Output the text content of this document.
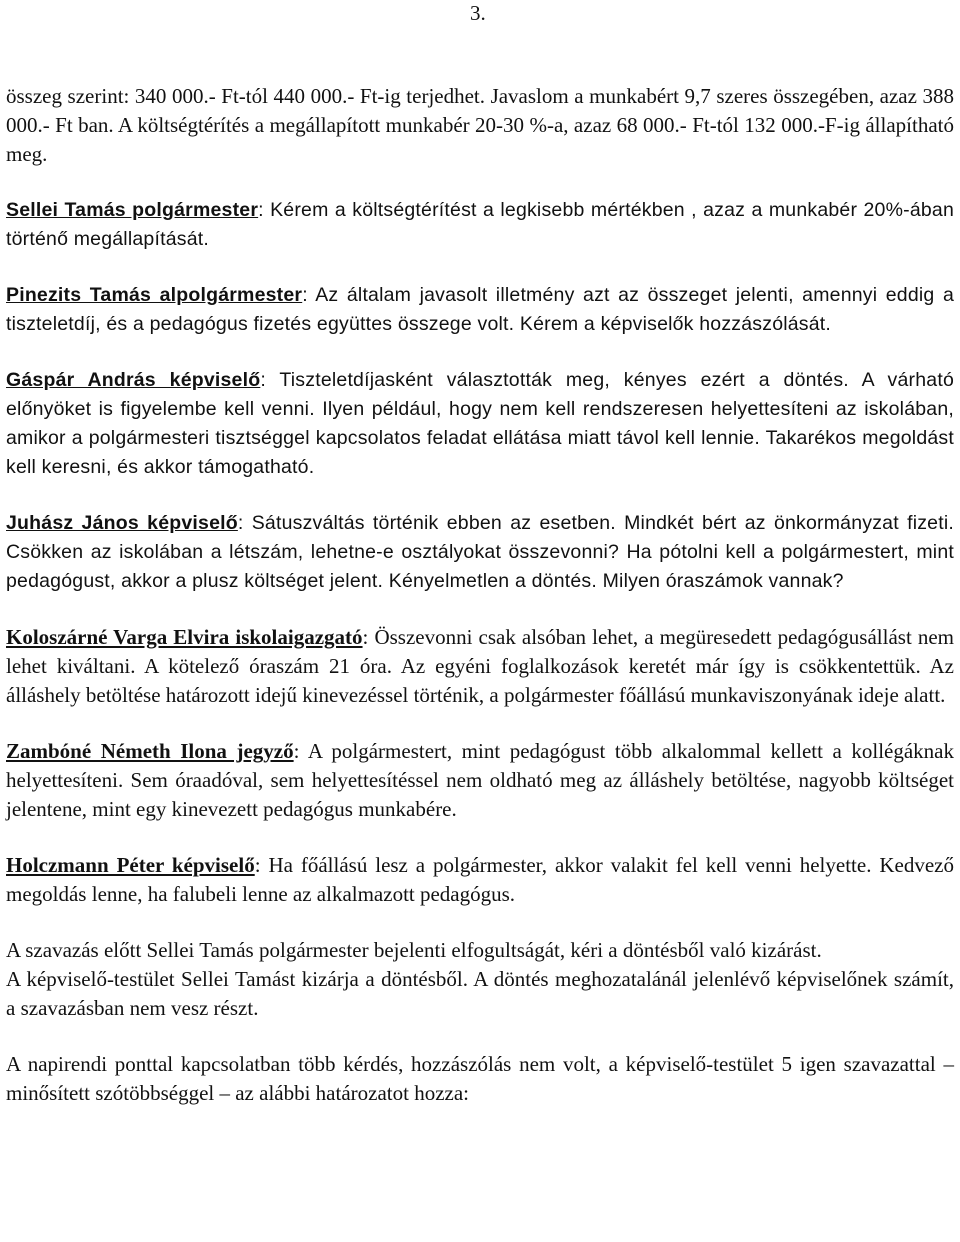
3.

összeg szerint: 340 000.- Ft-tól 440 000.- Ft-ig terjedhet. Javaslom a munkabért 9,7 szeres összegében, azaz 388 000.- Ft ban. A költségtérítés a megállapított munkabér 20-30 %-a, azaz 68 000.- Ft-tól 132 000.-F-ig állapítható meg.

Sellei Tamás polgármester: Kérem a költségtérítést a legkisebb mértékben , azaz a munkabér 20%-ában történő megállapítását.

Pinezits Tamás alpolgármester: Az általam javasolt illetmény azt az összeget jelenti, amennyi eddig a tiszteletdíj, és a pedagógus fizetés együttes összege volt. Kérem a képviselők hozzászólását.

Gáspár András képviselő: Tiszteletdíjasként választották meg, kényes ezért a döntés. A várható előnyöket is figyelembe kell venni. Ilyen például, hogy nem kell rendszeresen helyettesíteni az iskolában, amikor a polgármesteri tisztséggel kapcsolatos feladat ellátása miatt távol kell lennie. Takarékos megoldást kell keresni, és akkor támogatható.

Juhász János képviselő: Sátuszváltás történik ebben az esetben. Mindkét bért az önkormányzat fizeti. Csökken az iskolában a létszám, lehetne-e osztályokat összevonni? Ha pótolni kell a polgármestert, mint pedagógust, akkor a plusz költséget jelent. Kényelmetlen a döntés. Milyen óraszámok vannak?

Koloszárné Varga Elvira iskolaigazgató: Összevonni csak alsóban lehet, a megüresedett pedagógusállást nem lehet kiváltani. A kötelező óraszám 21 óra. Az egyéni foglalkozások keretét már így is csökkentettük. Az álláshely betöltése határozott idejű kinevezéssel történik, a polgármester főállású munkaviszonyának ideje alatt.

Zambóné Németh Ilona jegyző: A polgármestert, mint pedagógust több alkalommal kellett a kollégáknak helyettesíteni. Sem óraadóval, sem helyettesítéssel nem oldható meg az álláshely betöltése, nagyobb költséget jelentene, mint egy kinevezett pedagógus munkabére.

Holczmann Péter képviselő: Ha főállású lesz a polgármester, akkor valakit fel kell venni helyette. Kedvező megoldás lenne, ha falubeli lenne az alkalmazott pedagógus.

A szavazás előtt Sellei Tamás polgármester bejelenti elfogultságát, kéri a döntésből való kizárást.

A képviselő-testület Sellei Tamást kizárja a döntésből. A döntés meghozatalánál jelenlévő képviselőnek számít, a szavazásban nem vesz részt.

A napirendi ponttal kapcsolatban több kérdés, hozzászólás nem volt, a képviselő-testület 5 igen szavazattal – minősített szótöbbséggel – az alábbi határozatot hozza:
